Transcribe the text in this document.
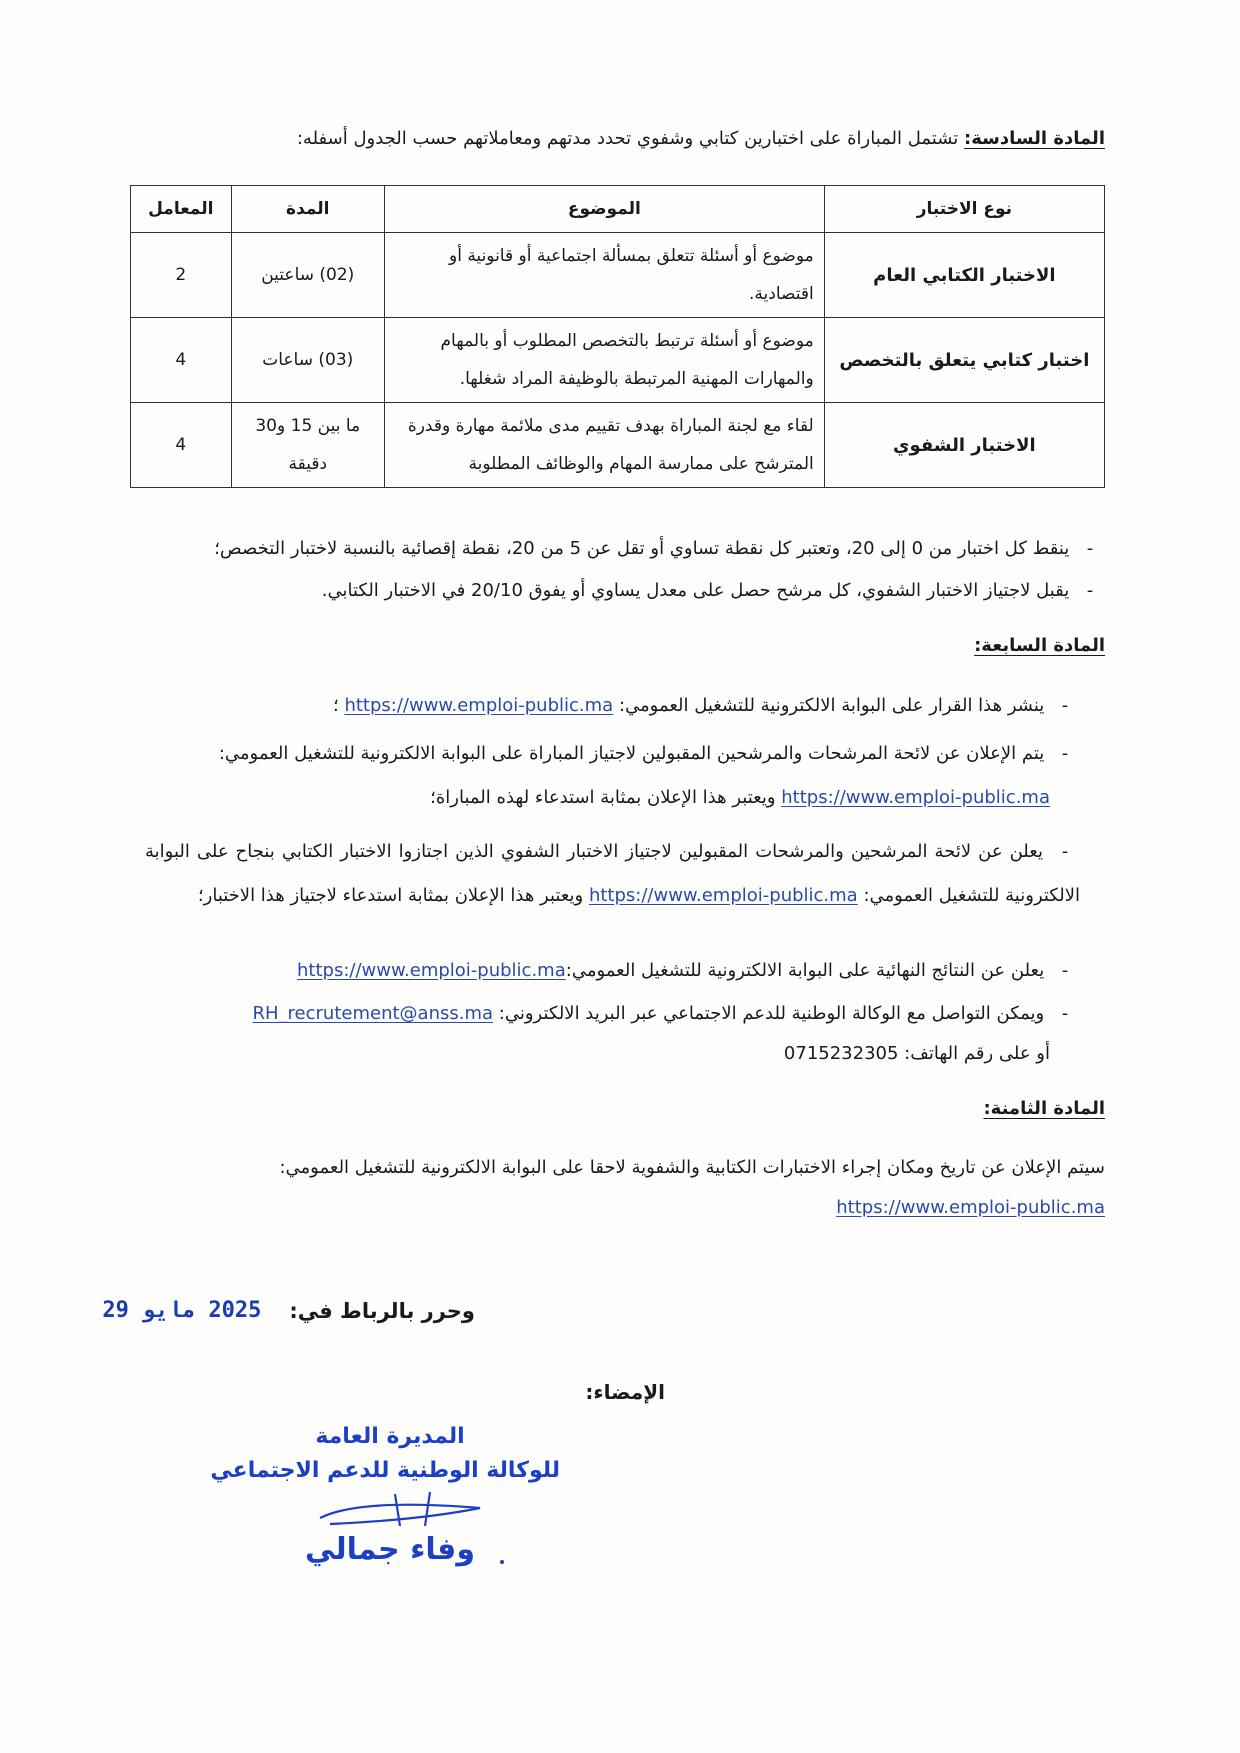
المادة السادسة: تشتمل المباراة على اختبارين كتابي وشفوي تحدد مدتهم ومعاملاتهم حسب الجدول أسفله:
نوع الاختبار	الموضوع	المدة	المعامل
الاختبار الكتابي العام	موضوع أو أسئلة تتعلق بمسألة اجتماعية أو قانونية أو اقتصادية.	(02) ساعتين	2
اختبار كتابي يتعلق بالتخصص	موضوع أو أسئلة ترتبط بالتخصص المطلوب أو بالمهام والمهارات المهنية المرتبطة بالوظيفة المراد شغلها.	(03) ساعات	4
الاختبار الشفوي	لقاء مع لجنة المباراة بهدف تقييم مدى ملائمة مهارة وقدرة المترشح على ممارسة المهام والوظائف المطلوبة	ما بين 15 و30 دقيقة	4
- ينقط كل اختبار من 0 إلى 20، وتعتبر كل نقطة تساوي أو تقل عن 5 من 20، نقطة إقصائية بالنسبة لاختبار التخصص؛
- يقبل لاجتياز الاختبار الشفوي، كل مرشح حصل على معدل يساوي أو يفوق 20/10 في الاختبار الكتابي.
المادة السابعة:
- ينشر هذا القرار على البوابة الالكترونية للتشغيل العمومي: https://www.emploi-public.ma ؛
- يتم الإعلان عن لائحة المرشحات والمرشحين المقبولين لاجتياز المباراة على البوابة الالكترونية للتشغيل العمومي:
https://www.emploi-public.ma ويعتبر هذا الإعلان بمثابة استدعاء لهذه المباراة؛
- يعلن عن لائحة المرشحين والمرشحات المقبولين لاجتياز الاختبار الشفوي الذين اجتازوا الاختبار الكتابي بنجاح على البوابة الالكترونية للتشغيل العمومي: https://www.emploi-public.ma ويعتبر هذا الإعلان بمثابة استدعاء لاجتياز هذا الاختبار؛
- يعلن عن النتائج النهائية على البوابة الالكترونية للتشغيل العمومي:https://www.emploi-public.ma
- ويمكن التواصل مع الوكالة الوطنية للدعم الاجتماعي عبر البريد الالكتروني: RH_recrutement@anss.ma
أو على رقم الهاتف: 0715232305
المادة الثامنة:
سيتم الإعلان عن تاريخ ومكان إجراء الاختبارات الكتابية والشفوية لاحقا على البوابة الالكترونية للتشغيل العمومي:
https://www.emploi-public.ma
وحرر بالرباط في:
2025 مايو 29
الإمضاء:
المديرة العامة
للوكالة الوطنية للدعم الاجتماعي
وفاء جمالي
